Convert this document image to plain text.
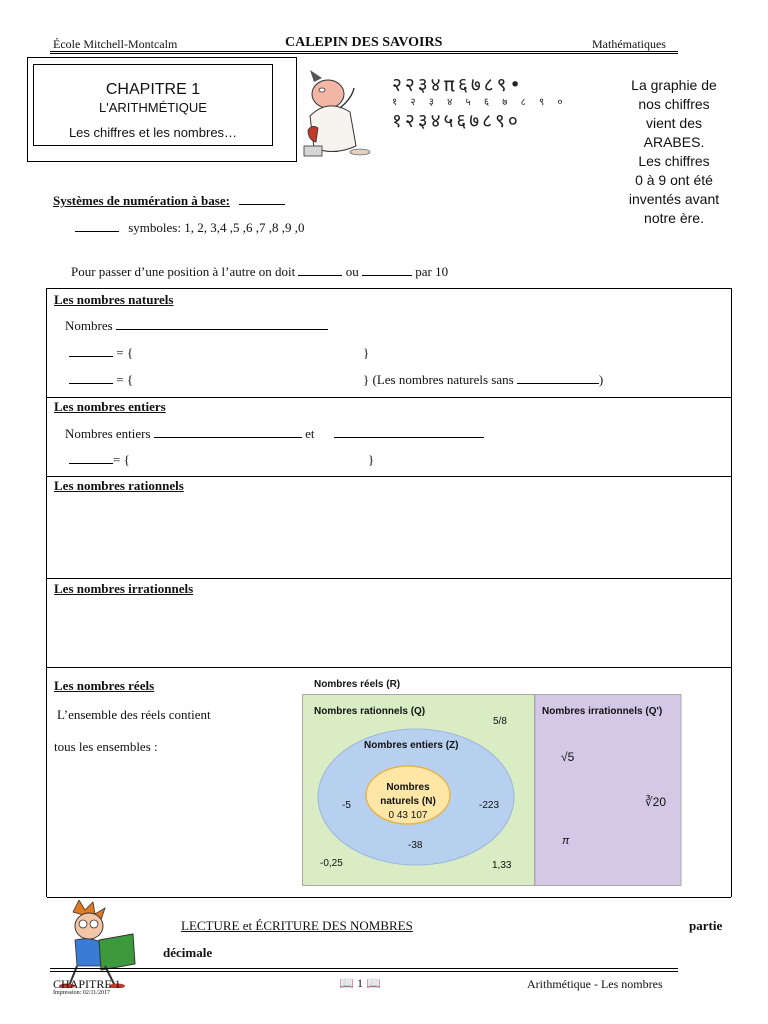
École Mitchell-Montcalm	CALEPIN DES SAVOIRS	Mathématiques
CHAPITRE 1
L'ARITHMÉTIQUE
Les chiffres et les nombres…
२२३४π६७८९•
१ २ ३ ४ ५ ६ ७ ८ ९ ०
१२३४५६७८९०
La graphie de
nos chiffres
vient des
ARABES.
Les chiffres
0 à 9 ont été
inventés avant
notre ère.
Systèmes de numération à base:
symboles: 1, 2, 3,4 ,5 ,6 ,7 ,8 ,9 ,0
Pour passer d’une position à l’autre on doit	ou	par 10
Les nombres naturels
Nombres
= {	}
= {	} (Les nombres naturels sans	)
Les nombres entiers
Nombres entiers	et
= {	}
Les nombres rationnels
Les nombres irrationnels
Les nombres réels
L’ensemble des réels contient
tous les ensembles :
Nombres réels (R)
Nombres rationnels (Q)	Nombres irrationnels (Q')
5/8
Nombres entiers (Z)
Nombres
naturels (N)
0 43 107
-5	-223
-38
-0,25	1,33
√5
∛20
π
LECTURE et ÉCRITURE DES NOMBRES	partie
décimale
CHAPITRE 1
Impression: 02/11/2017
📖 1 📖	Arithmétique - Les nombres
